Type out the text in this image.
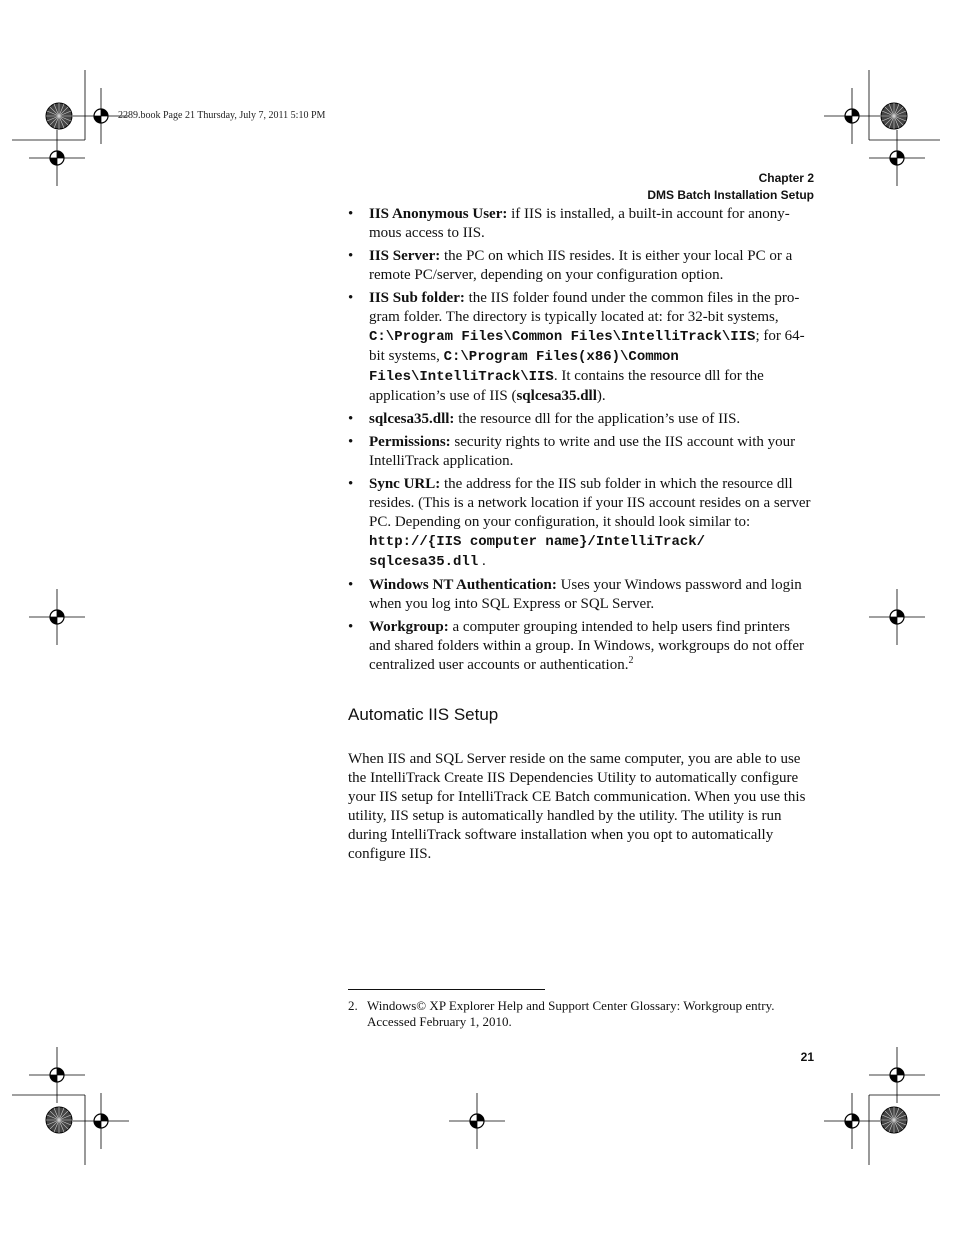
2289.book Page 21 Thursday, July 7, 2011 5:10 PM
Chapter 2
DMS Batch Installation Setup
• IIS Anonymous User: if IIS is installed, a built-in account for anony-mous access to IIS.
• IIS Server: the PC on which IIS resides. It is either your local PC or a remote PC/server, depending on your configuration option.
• IIS Sub folder: the IIS folder found under the common files in the pro-gram folder. The directory is typically located at: for 32-bit systems, C:\Program Files\Common Files\IntelliTrack\IIS; for 64-bit systems, C:\Program Files(x86)\Common Files\IntelliTrack\IIS. It contains the resource dll for the application’s use of IIS (sqlcesa35.dll).
• sqlcesa35.dll: the resource dll for the application’s use of IIS.
• Permissions: security rights to write and use the IIS account with your IntelliTrack application.
• Sync URL: the address for the IIS sub folder in which the resource dll resides. (This is a network location if your IIS account resides on a server PC. Depending on your configuration, it should look similar to: http://{IIS computer name}/IntelliTrack/ sqlcesa35.dll .
• Windows NT Authentication: Uses your Windows password and login when you log into SQL Express or SQL Server.
• Workgroup: a computer grouping intended to help users find printers and shared folders within a group. In Windows, workgroups do not offer centralized user accounts or authentication.$^2$
Automatic IIS Setup

When IIS and SQL Server reside on the same computer, you are able to use the IntelliTrack Create IIS Dependencies Utility to automatically configure your IIS setup for IntelliTrack CE Batch communication. When you use this utility, IIS setup is automatically handled by the utility. The utility is run during IntelliTrack software installation when you opt to automatically configure IIS.

2. Windows© XP Explorer Help and Support Center Glossary: Workgroup entry. Accessed February 1, 2010.
21
